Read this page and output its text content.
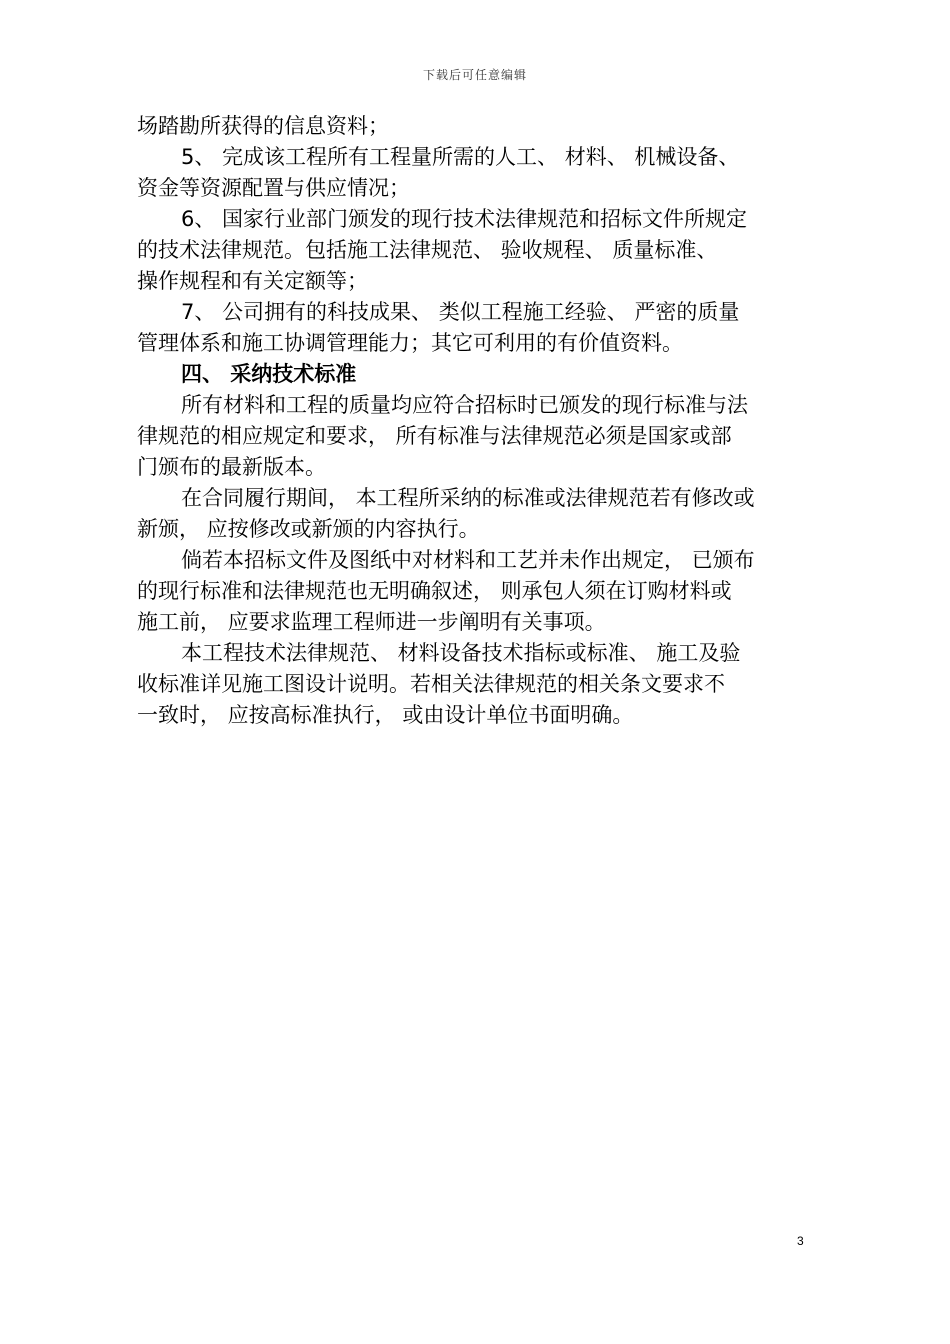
下载后可任意编辑
场踏勘所获得的信息资料；
5、 完成该工程所有工程量所需的人工、 材料、 机械设备、
资金等资源配置与供应情况；
6、 国家行业部门颁发的现行技术法律规范和招标文件所规定
的技术法律规范。包括施工法律规范、 验收规程、 质量标准、
操作规程和有关定额等；
7、 公司拥有的科技成果、 类似工程施工经验、 严密的质量
管理体系和施工协调管理能力；其它可利用的有价值资料。
四、 采纳技术标准
所有材料和工程的质量均应符合招标时已颁发的现行标准与法
律规范的相应规定和要求， 所有标准与法律规范必须是国家或部
门颁布的最新版本。
在合同履行期间， 本工程所采纳的标准或法律规范若有修改或
新颁， 应按修改或新颁的内容执行。
倘若本招标文件及图纸中对材料和工艺并未作出规定， 已颁布
的现行标准和法律规范也无明确叙述， 则承包人须在订购材料或
施工前， 应要求监理工程师进一步阐明有关事项。
本工程技术法律规范、 材料设备技术指标或标准、 施工及验
收标准详见施工图设计说明。若相关法律规范的相关条文要求不
一致时， 应按高标准执行， 或由设计单位书面明确。
3
